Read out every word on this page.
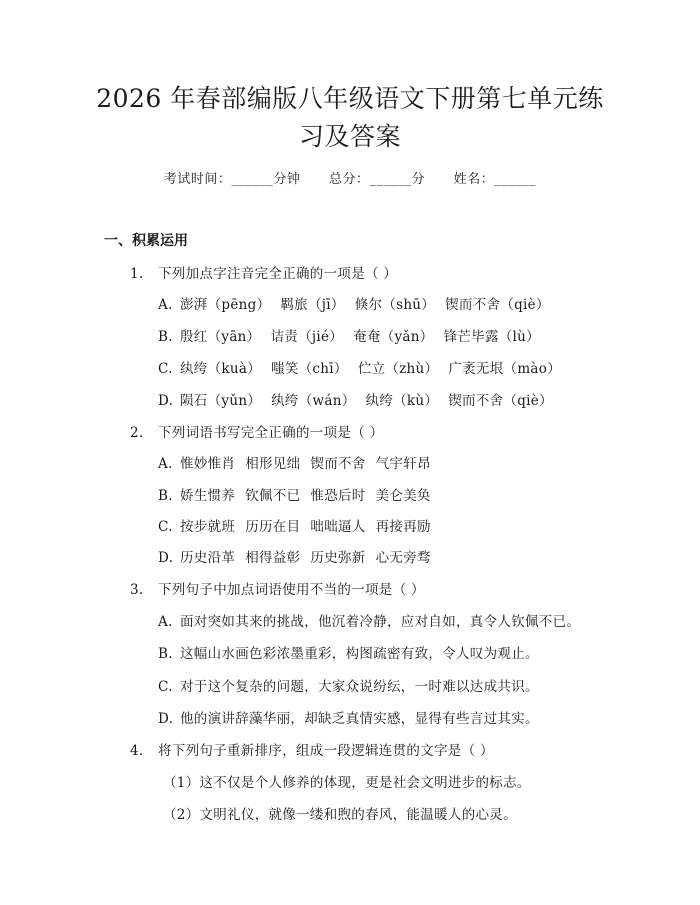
2026 年春部编版八年级语文下册第七单元练
习及答案
考试时间：______分钟 总分：______分 姓名：______
一、积累运用
1. 下列加点字注音完全正确的一项是（ ）
A. 澎湃（pēng） 羁旅（jī） 倏尔（shū） 锲而不舍（qiè）
B. 殷红（yān） 诘责（jié） 奄奄（yǎn） 锋芒毕露（lù）
C. 纨绔（kuà） 嗤笑（chī） 伫立（zhù） 广袤无垠（mào）
D. 陨石（yǔn） 纨绔（wán） 纨绔（kù） 锲而不舍（qiè）
2. 下列词语书写完全正确的一项是（ ）
A. 惟妙惟肖 相形见绌 锲而不舍 气宇轩昂
B. 娇生惯养 钦佩不已 惟恐后时 美仑美奂
C. 按步就班 历历在目 咄咄逼人 再接再励
D. 历史沿革 相得益彰 历史弥新 心无旁骛
3. 下列句子中加点词语使用不当的一项是（ ）
A. 面对突如其来的挑战，他沉着冷静，应对自如，真令人钦佩不已。
B. 这幅山水画色彩浓墨重彩，构图疏密有致，令人叹为观止。
C. 对于这个复杂的问题，大家众说纷纭，一时难以达成共识。
D. 他的演讲辞藻华丽，却缺乏真情实感，显得有些言过其实。
4. 将下列句子重新排序，组成一段逻辑连贯的文字是（ ）
（1）这不仅是个人修养的体现，更是社会文明进步的标志。
（2）文明礼仪，就像一缕和煦的春风，能温暖人的心灵。
